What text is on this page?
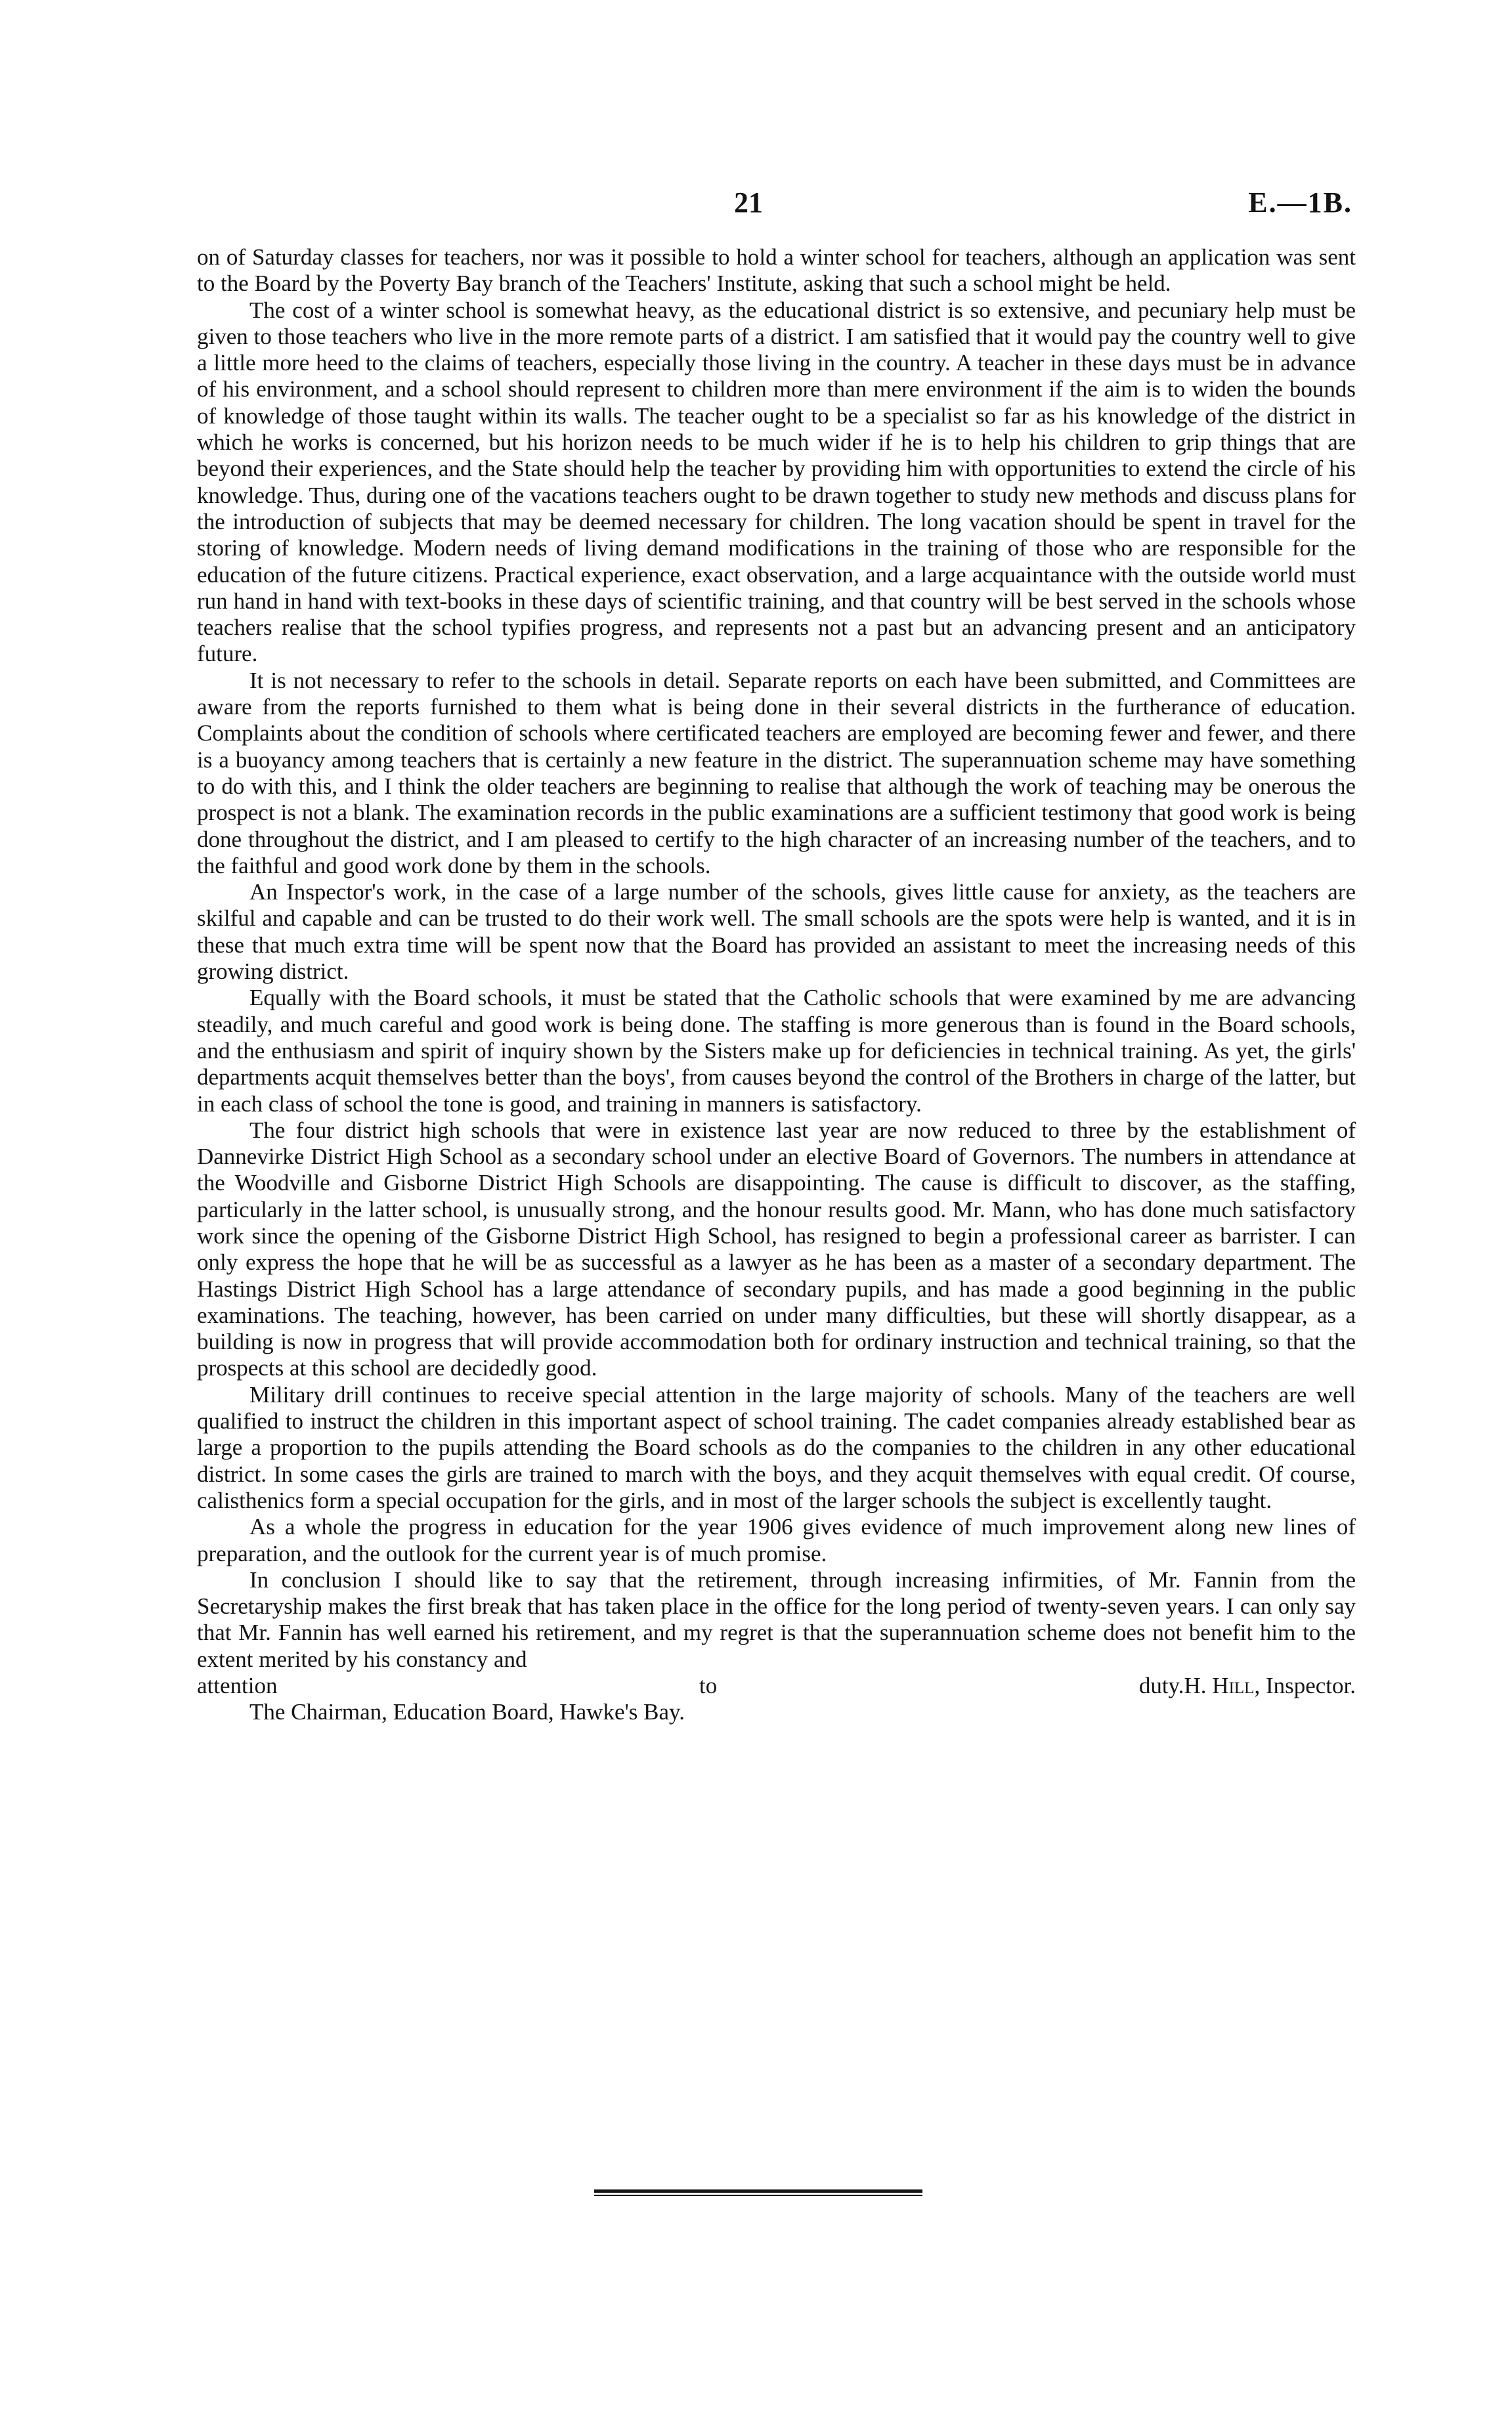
21	E.—1B.

on of Saturday classes for teachers, nor was it possible to hold a winter school for teachers, although an application was sent to the Board by the Poverty Bay branch of the Teachers' Institute, asking that such a school might be held.

The cost of a winter school is somewhat heavy, as the educational district is so extensive, and pecuniary help must be given to those teachers who live in the more remote parts of a district. I am satisfied that it would pay the country well to give a little more heed to the claims of teachers, especially those living in the country. A teacher in these days must be in advance of his environment, and a school should represent to children more than mere environment if the aim is to widen the bounds of knowledge of those taught within its walls. The teacher ought to be a specialist so far as his knowledge of the district in which he works is concerned, but his horizon needs to be much wider if he is to help his children to grip things that are beyond their experiences, and the State should help the teacher by providing him with opportunities to extend the circle of his knowledge. Thus, during one of the vacations teachers ought to be drawn together to study new methods and discuss plans for the introduction of subjects that may be deemed necessary for children. The long vacation should be spent in travel for the storing of knowledge. Modern needs of living demand modifications in the training of those who are responsible for the education of the future citizens. Practical experience, exact observation, and a large acquaintance with the outside world must run hand in hand with text-books in these days of scientific training, and that country will be best served in the schools whose teachers realise that the school typifies progress, and represents not a past but an advancing present and an anticipatory future.

It is not necessary to refer to the schools in detail. Separate reports on each have been submitted, and Committees are aware from the reports furnished to them what is being done in their several districts in the furtherance of education. Complaints about the condition of schools where certificated teachers are employed are becoming fewer and fewer, and there is a buoyancy among teachers that is certainly a new feature in the district. The superannuation scheme may have something to do with this, and I think the older teachers are beginning to realise that although the work of teaching may be onerous the prospect is not a blank. The examination records in the public examinations are a sufficient testimony that good work is being done throughout the district, and I am pleased to certify to the high character of an increasing number of the teachers, and to the faithful and good work done by them in the schools.

An Inspector's work, in the case of a large number of the schools, gives little cause for anxiety, as the teachers are skilful and capable and can be trusted to do their work well. The small schools are the spots were help is wanted, and it is in these that much extra time will be spent now that the Board has provided an assistant to meet the increasing needs of this growing district.

Equally with the Board schools, it must be stated that the Catholic schools that were examined by me are advancing steadily, and much careful and good work is being done. The staffing is more generous than is found in the Board schools, and the enthusiasm and spirit of inquiry shown by the Sisters make up for deficiencies in technical training. As yet, the girls' departments acquit themselves better than the boys', from causes beyond the control of the Brothers in charge of the latter, but in each class of school the tone is good, and training in manners is satisfactory.

The four district high schools that were in existence last year are now reduced to three by the establishment of Dannevirke District High School as a secondary school under an elective Board of Governors. The numbers in attendance at the Woodville and Gisborne District High Schools are disappointing. The cause is difficult to discover, as the staffing, particularly in the latter school, is unusually strong, and the honour results good. Mr. Mann, who has done much satisfactory work since the opening of the Gisborne District High School, has resigned to begin a professional career as barrister. I can only express the hope that he will be as successful as a lawyer as he has been as a master of a secondary department. The Hastings District High School has a large attendance of secondary pupils, and has made a good beginning in the public examinations. The teaching, however, has been carried on under many difficulties, but these will shortly disappear, as a building is now in progress that will provide accommodation both for ordinary instruction and technical training, so that the prospects at this school are decidedly good.

Military drill continues to receive special attention in the large majority of schools. Many of the teachers are well qualified to instruct the children in this important aspect of school training. The cadet companies already established bear as large a proportion to the pupils attending the Board schools as do the companies to the children in any other educational district. In some cases the girls are trained to march with the boys, and they acquit themselves with equal credit. Of course, calisthenics form a special occupation for the girls, and in most of the larger schools the subject is excellently taught.

As a whole the progress in education for the year 1906 gives evidence of much improvement along new lines of preparation, and the outlook for the current year is of much promise.

In conclusion I should like to say that the retirement, through increasing infirmities, of Mr. Fannin from the Secretaryship makes the first break that has taken place in the office for the long period of twenty-seven years. I can only say that Mr. Fannin has well earned his retirement, and my regret is that the superannuation scheme does not benefit him to the extent merited by his constancy and

attention to duty. H. Hill, Inspector.

The Chairman, Education Board, Hawke's Bay.
